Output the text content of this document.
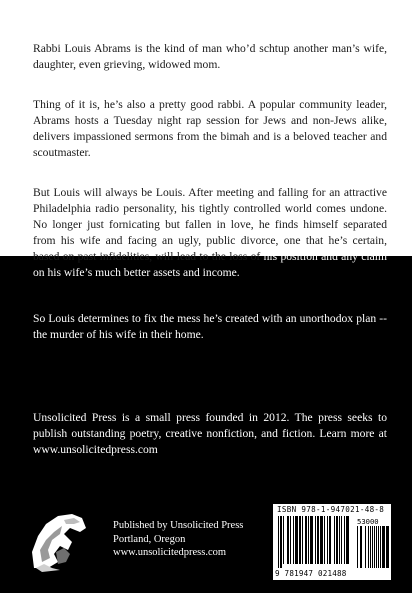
Rabbi Louis Abrams is the kind of man who’d schtup another man’s wife, daughter, even grieving, widowed mom.

Thing of it is, he’s also a pretty good rabbi. A popular community leader, Abrams hosts a Tuesday night rap session for Jews and non-Jews alike, delivers impassioned sermons from the bimah and is a beloved teacher and scoutmaster.

But Louis will always be Louis. After meeting and falling for an attractive Philadelphia radio personality, his tightly controlled world comes undone. No longer just fornicating but fallen in love, he finds himself separated from his wife and facing an ugly, public divorce, one that he’s certain, based on past infidelities, will lead to the loss of his position and any claim on his wife’s much better assets and income.

So Louis determines to fix the mess he’s created with an unorthodox plan -- the murder of his wife in their home.

Unsolicited Press is a small press founded in 2012. The press seeks to publish outstanding poetry, creative nonfiction, and fiction. Learn more at www.unsolicitedpress.com

Published by Unsolicited Press
Portland, Oregon
www.unsolicitedpress.com
ISBN 978-1-947021-48-8
53000
9 781947 021488
